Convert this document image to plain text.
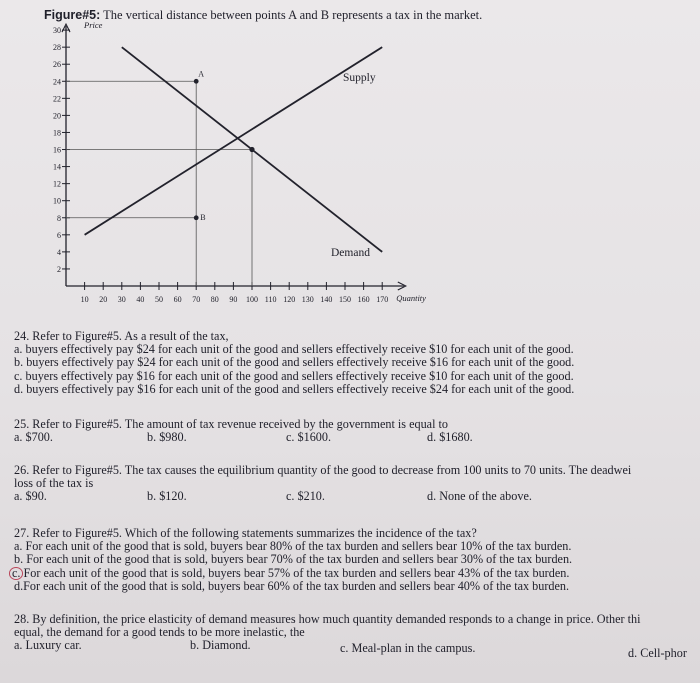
Figure#5: The vertical distance between points A and B represents a tax in the market.
Price
Quantity
2
4
6
8
10
12
14
16
18
20
22
24
26
28
30
10 20 30 40 50 60 70 80 90 100 110 120 130 140 150 160 170
A
B
Supply
Demand
24. Refer to Figure#5. As a result of the tax,
a. buyers effectively pay $24 for each unit of the good and sellers effectively receive $10 for each unit of the good.
b. buyers effectively pay $24 for each unit of the good and sellers effectively receive $16 for each unit of the good.
c. buyers effectively pay $16 for each unit of the good and sellers effectively receive $10 for each unit of the good.
d. buyers effectively pay $16 for each unit of the good and sellers effectively receive $24 for each unit of the good.
25. Refer to Figure#5. The amount of tax revenue received by the government is equal to
a. $700.	b. $980.	c. $1600.	d. $1680.
26. Refer to Figure#5. The tax causes the equilibrium quantity of the good to decrease from 100 units to 70 units. The deadwei
loss of the tax is
a. $90.	b. $120.	c. $210.	d. None of the above.
27. Refer to Figure#5. Which of the following statements summarizes the incidence of the tax?
a. For each unit of the good that is sold, buyers bear 80% of the tax burden and sellers bear 10% of the tax burden.
b. For each unit of the good that is sold, buyers bear 70% of the tax burden and sellers bear 30% of the tax burden.
c. For each unit of the good that is sold, buyers bear 57% of the tax burden and sellers bear 43% of the tax burden.
d.For each unit of the good that is sold, buyers bear 60% of the tax burden and sellers bear 40% of the tax burden.
28. By definition, the price elasticity of demand measures how much quantity demanded responds to a change in price. Other thi
equal, the demand for a good tends to be more inelastic, the
a. Luxury car.	b. Diamond.	c. Meal-plan in the campus.	d. Cell-phor
